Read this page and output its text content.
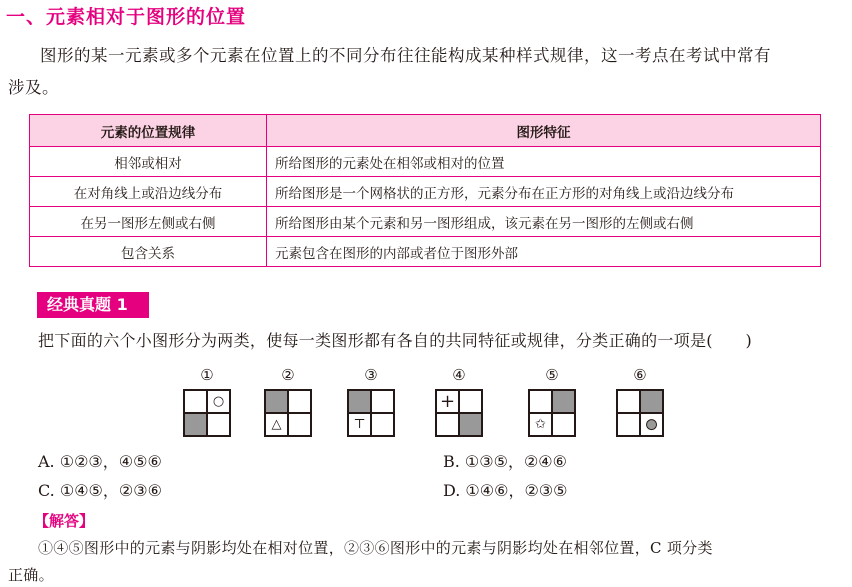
一、元素相对于图形的位置
图形的某一元素或多个元素在位置上的不同分布往往能构成某种样式规律，这一考点在考试中常有
涉及。
元素的位置规律	图形特征
相邻或相对	所给图形的元素处在相邻或相对的位置
在对角线上或沿边线分布	所给图形是一个网格状的正方形，元素分布在正方形的对角线上或沿边线分布
在另一图形左侧或右侧	所给图形由某个元素和另一图形组成，该元素在另一图形的左侧或右侧
包含关系	元素包含在图形的内部或者位于图形外部
经典真题 1
把下面的六个小图形分为两类，使每一类图形都有各自的共同特征或规律，分类正确的一项是(　　)
①	②	③	④	⑤	⑥
○
△	⊤
+
✩	●
A. ①②③，④⑤⑥	B. ①③⑤，②④⑥
C. ①④⑤，②③⑥	D. ①④⑥，②③⑤
【解答】
①④⑤图形中的元素与阴影均处在相对位置，②③⑥图形中的元素与阴影均处在相邻位置，C 项分类
正确。
